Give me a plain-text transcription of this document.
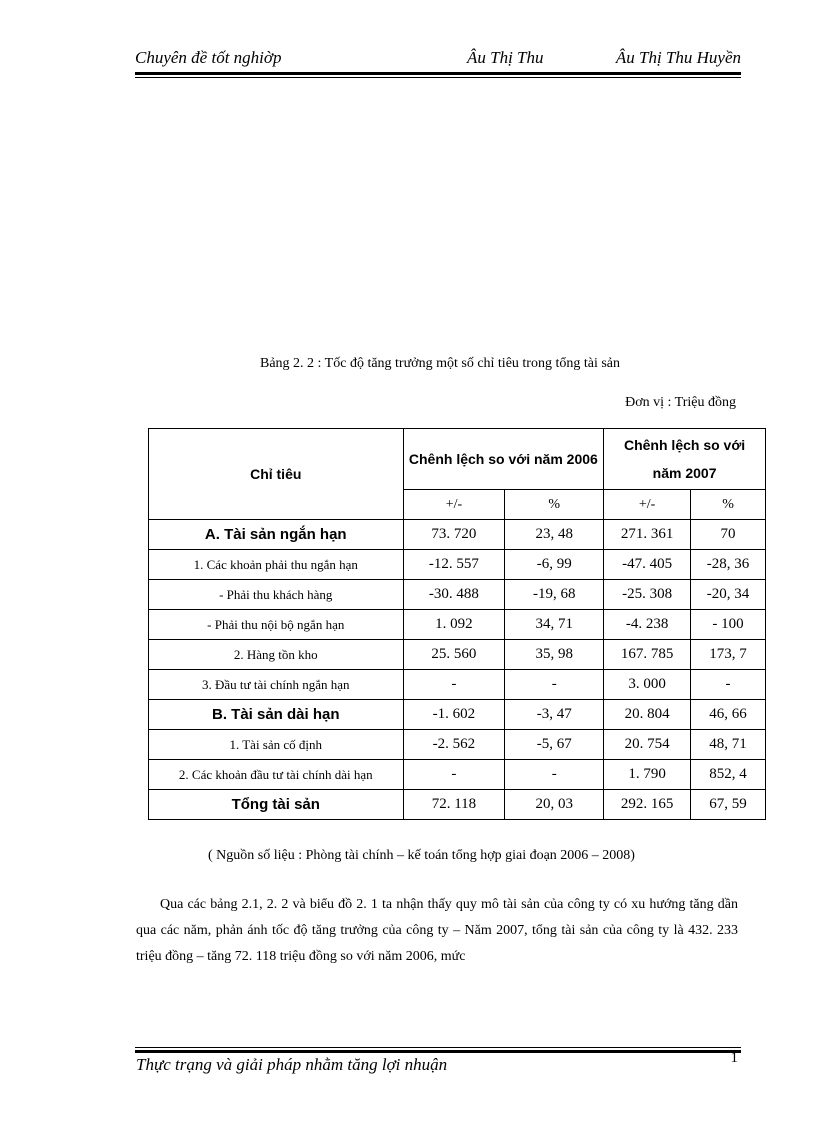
Chuyên đề tốt nghiờp	Âu Thị Thu	Âu Thị Thu Huyền
Bảng 2. 2 : Tốc độ tăng trưởng một số chỉ tiêu trong tổng tài sản
Đơn vị : Triệu đồng
Chỉ tiêu	Chênh lệch so với năm 2006		Chênh lệch so với năm 2007	
	+/-	%	+/-	%
A. Tài sản ngắn hạn	73. 720	23, 48	271. 361	70
1. Các khoản phải thu ngắn hạn	-12. 557	-6, 99	-47. 405	-28, 36
- Phải thu khách hàng	-30. 488	-19, 68	-25. 308	-20, 34
- Phải thu nội bộ ngắn hạn	1. 092	34, 71	-4. 238	- 100
2. Hàng tồn kho	25. 560	35, 98	167. 785	173, 7
3. Đầu tư tài chính ngắn hạn	-	-	3. 000	-
B. Tài sản dài hạn	-1. 602	-3, 47	20. 804	46, 66
1. Tài sản cố định	-2. 562	-5, 67	20. 754	48, 71
2. Các khoản đầu tư tài chính dài hạn	-	-	1. 790	852, 4
Tổng tài sản	72. 118	20, 03	292. 165	67, 59
( Nguồn số liệu : Phòng tài chính – kế toán tổng hợp giai đoạn 2006 – 2008)
Qua các bảng 2.1, 2. 2 và biểu đồ 2. 1 ta nhận thấy quy mô tài sản của công ty có xu hướng tăng dần qua các năm, phản ánh tốc độ tăng trưởng của công ty – Năm 2007, tổng tài sản của công ty là 432. 233 triệu đồng – tăng 72. 118 triệu đồng so với năm 2006, mức
Thực trạng và giải pháp nhằm tăng lợi nhuận	1
